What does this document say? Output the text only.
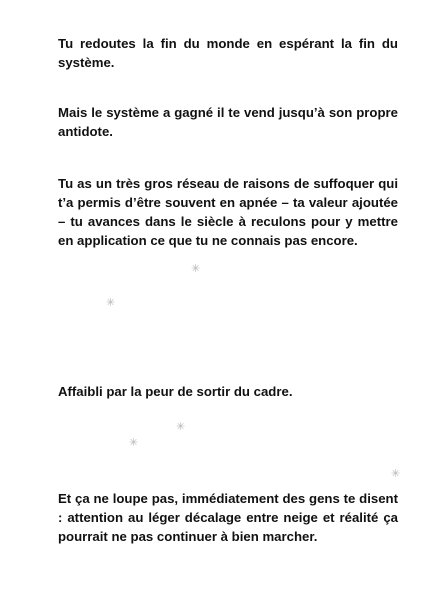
Tu redoutes la fin du monde en espérant la fin du système.

Mais le système a gagné il te vend jusqu’à son propre antidote.

Tu as un très gros réseau de raisons de suffoquer qui t’a permis d’être souvent en apnée – ta valeur ajoutée – tu avances dans le siècle à reculons pour y mettre en application ce que tu ne connais pas encore.

✳
✳

Affaibli par la peur de sortir du cadre.

✳
✳
✳

Et ça ne loupe pas, immédiatement des gens te disent : attention au léger décalage entre neige et réalité ça pourrait ne pas continuer à bien marcher.
